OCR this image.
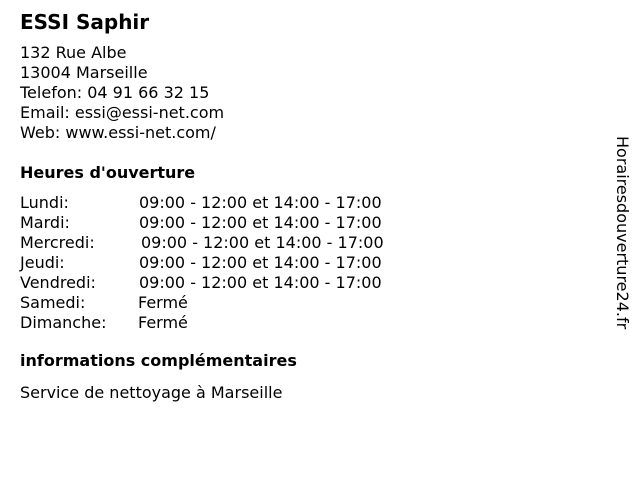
ESSI Saphir
132 Rue Albe
13004 Marseille
Telefon: 04 91 66 32 15
Email: essi@essi-net.com
Web: www.essi-net.com/
Heures d'ouverture
Lundi:	09:00 - 12:00 et 14:00 - 17:00
Mardi:	09:00 - 12:00 et 14:00 - 17:00
Mercredi:	09:00 - 12:00 et 14:00 - 17:00
Jeudi:	09:00 - 12:00 et 14:00 - 17:00
Vendredi:	09:00 - 12:00 et 14:00 - 17:00
Samedi:	Fermé
Dimanche:	Fermé
informations complémentaires
Service de nettoyage à Marseille
Horairesdouverture24.fr
